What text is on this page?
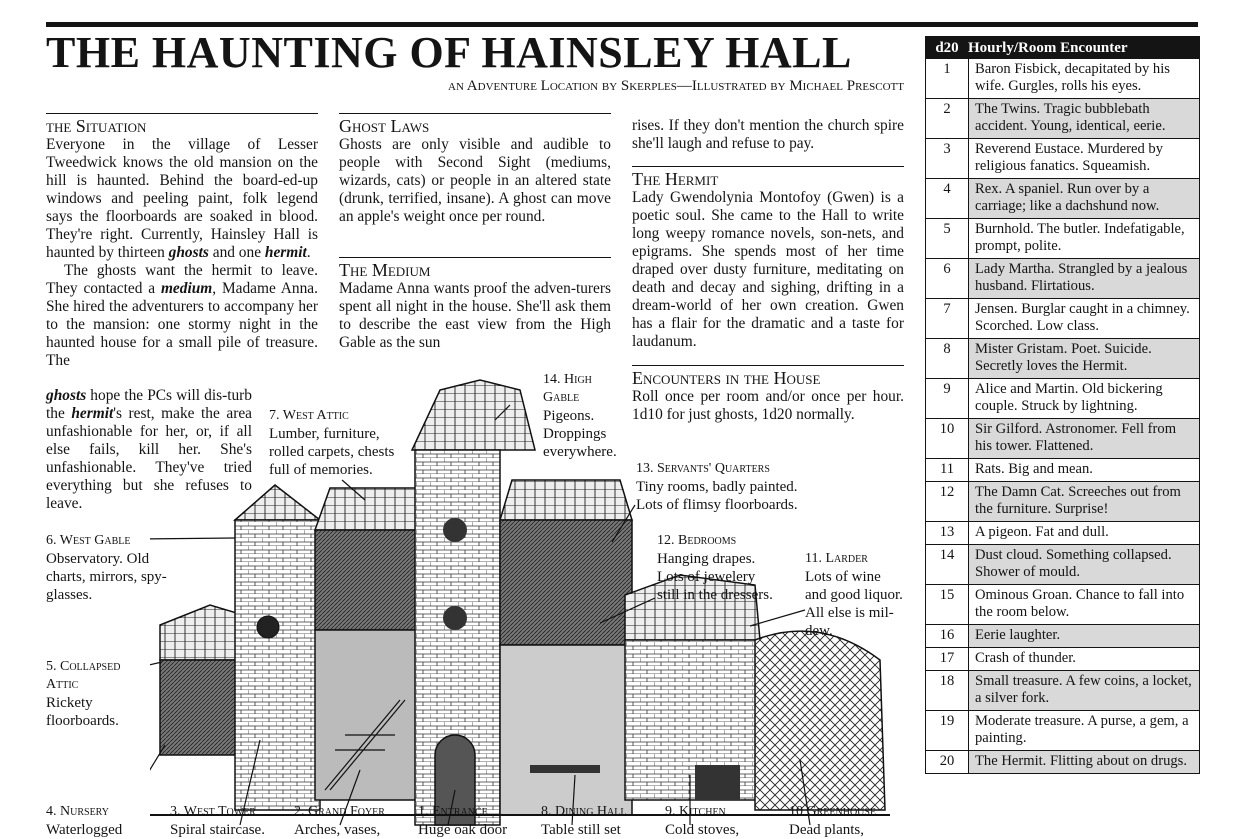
THE HAUNTING OF HAINSLEY HALL
an Adventure Location by Skerples—Illustrated by Michael Prescott
the Situation

Everyone in the village of Lesser Tweedwick knows the old mansion on the hill is haunted. Behind the board-ed-up windows and peeling paint, folk legend says the floorboards are soaked in blood. They're right. Currently, Hainsley Hall is haunted by thirteen ghosts and one hermit.

The ghosts want the hermit to leave. They contacted a medium, Madame Anna. She hired the adventurers to accompany her to the mansion: one stormy night in the haunted house for a small pile of treasure. The

ghosts hope the PCs will dis-turb the hermit's rest, make the area unfashionable for her, or, if all else fails, kill her. She's unfashionable. They've tried everything but she refuses to leave.

Ghost Laws

Ghosts are only visible and audible to people with Second Sight (mediums, wizards, cats) or people in an altered state (drunk, terrified, insane). A ghost can move an apple's weight once per round.

The Medium

Madame Anna wants proof the adven-turers spent all night in the house. She'll ask them to describe the east view from the High Gable as the sun

rises. If they don't mention the church spire she'll laugh and refuse to pay.

The Hermit

Lady Gwendolynia Montofoy (Gwen) is a poetic soul. She came to the Hall to write long weepy romance novels, son-nets, and epigrams. She spends most of her time draped over dusty furniture, meditating on death and decay and sighing, drifting in a dream-world of her own creation. Gwen has a flair for the dramatic and a taste for laudanum.

Encounters in the House

Roll once per room and/or once per hour. 1d10 for just ghosts, 1d20 normally.

14. High
Gable
Pigeons.
Droppings
everywhere.
7. West Attic
Lumber, furniture,
rolled carpets, chests
full of memories.	13. Servants' Quarters
Tiny rooms, badly painted.
Lots of flimsy floorboards.
6. West Gable
Observatory. Old
charts, mirrors, spy-
glasses.
12. Bedrooms
Hanging drapes.
Lots of jewelery
still in the dressers.
11. Larder
Lots of wine
and good liquor.
All else is mil-
dew.
5. Collapsed
Attic
Rickety
floorboards.
4. Nursery
Waterlogged
3. West Tower
Spiral staircase.
2. Grand Foyer
Arches, vases,
1. Entrance
Huge oak door
8. Dining Hall
Table still set
9. Kitchen
Cold stoves,
10 Greenhouse
Dead plants,
d20 Hourly/Room Encounter
1	Baron Fisbick, decapitated by his wife. Gurgles, rolls his eyes.
2	The Twins. Tragic bubblebath accident. Young, identical, eerie.
3	Reverend Eustace. Murdered by religious fanatics. Squeamish.
4	Rex. A spaniel. Run over by a carriage; like a dachshund now.
5	Burnhold. The butler. Indefatigable, prompt, polite.
6	Lady Martha. Strangled by a jealous husband. Flirtatious.
7	Jensen. Burglar caught in a chimney. Scorched. Low class.
8	Mister Gristam. Poet. Suicide. Secretly loves the Hermit.
9	Alice and Martin. Old bickering couple. Struck by lightning.
10	Sir Gilford. Astronomer. Fell from his tower. Flattened.
11	Rats. Big and mean.
12	The Damn Cat. Screeches out from the furniture. Surprise!
13	A pigeon. Fat and dull.
14	Dust cloud. Something collapsed. Shower of mould.
15	Ominous Groan. Chance to fall into the room below.
16	Eerie laughter.
17	Crash of thunder.
18	Small treasure. A few coins, a locket, a silver fork.
19	Moderate treasure. A purse, a gem, a painting.
20	The Hermit. Flitting about on drugs.
